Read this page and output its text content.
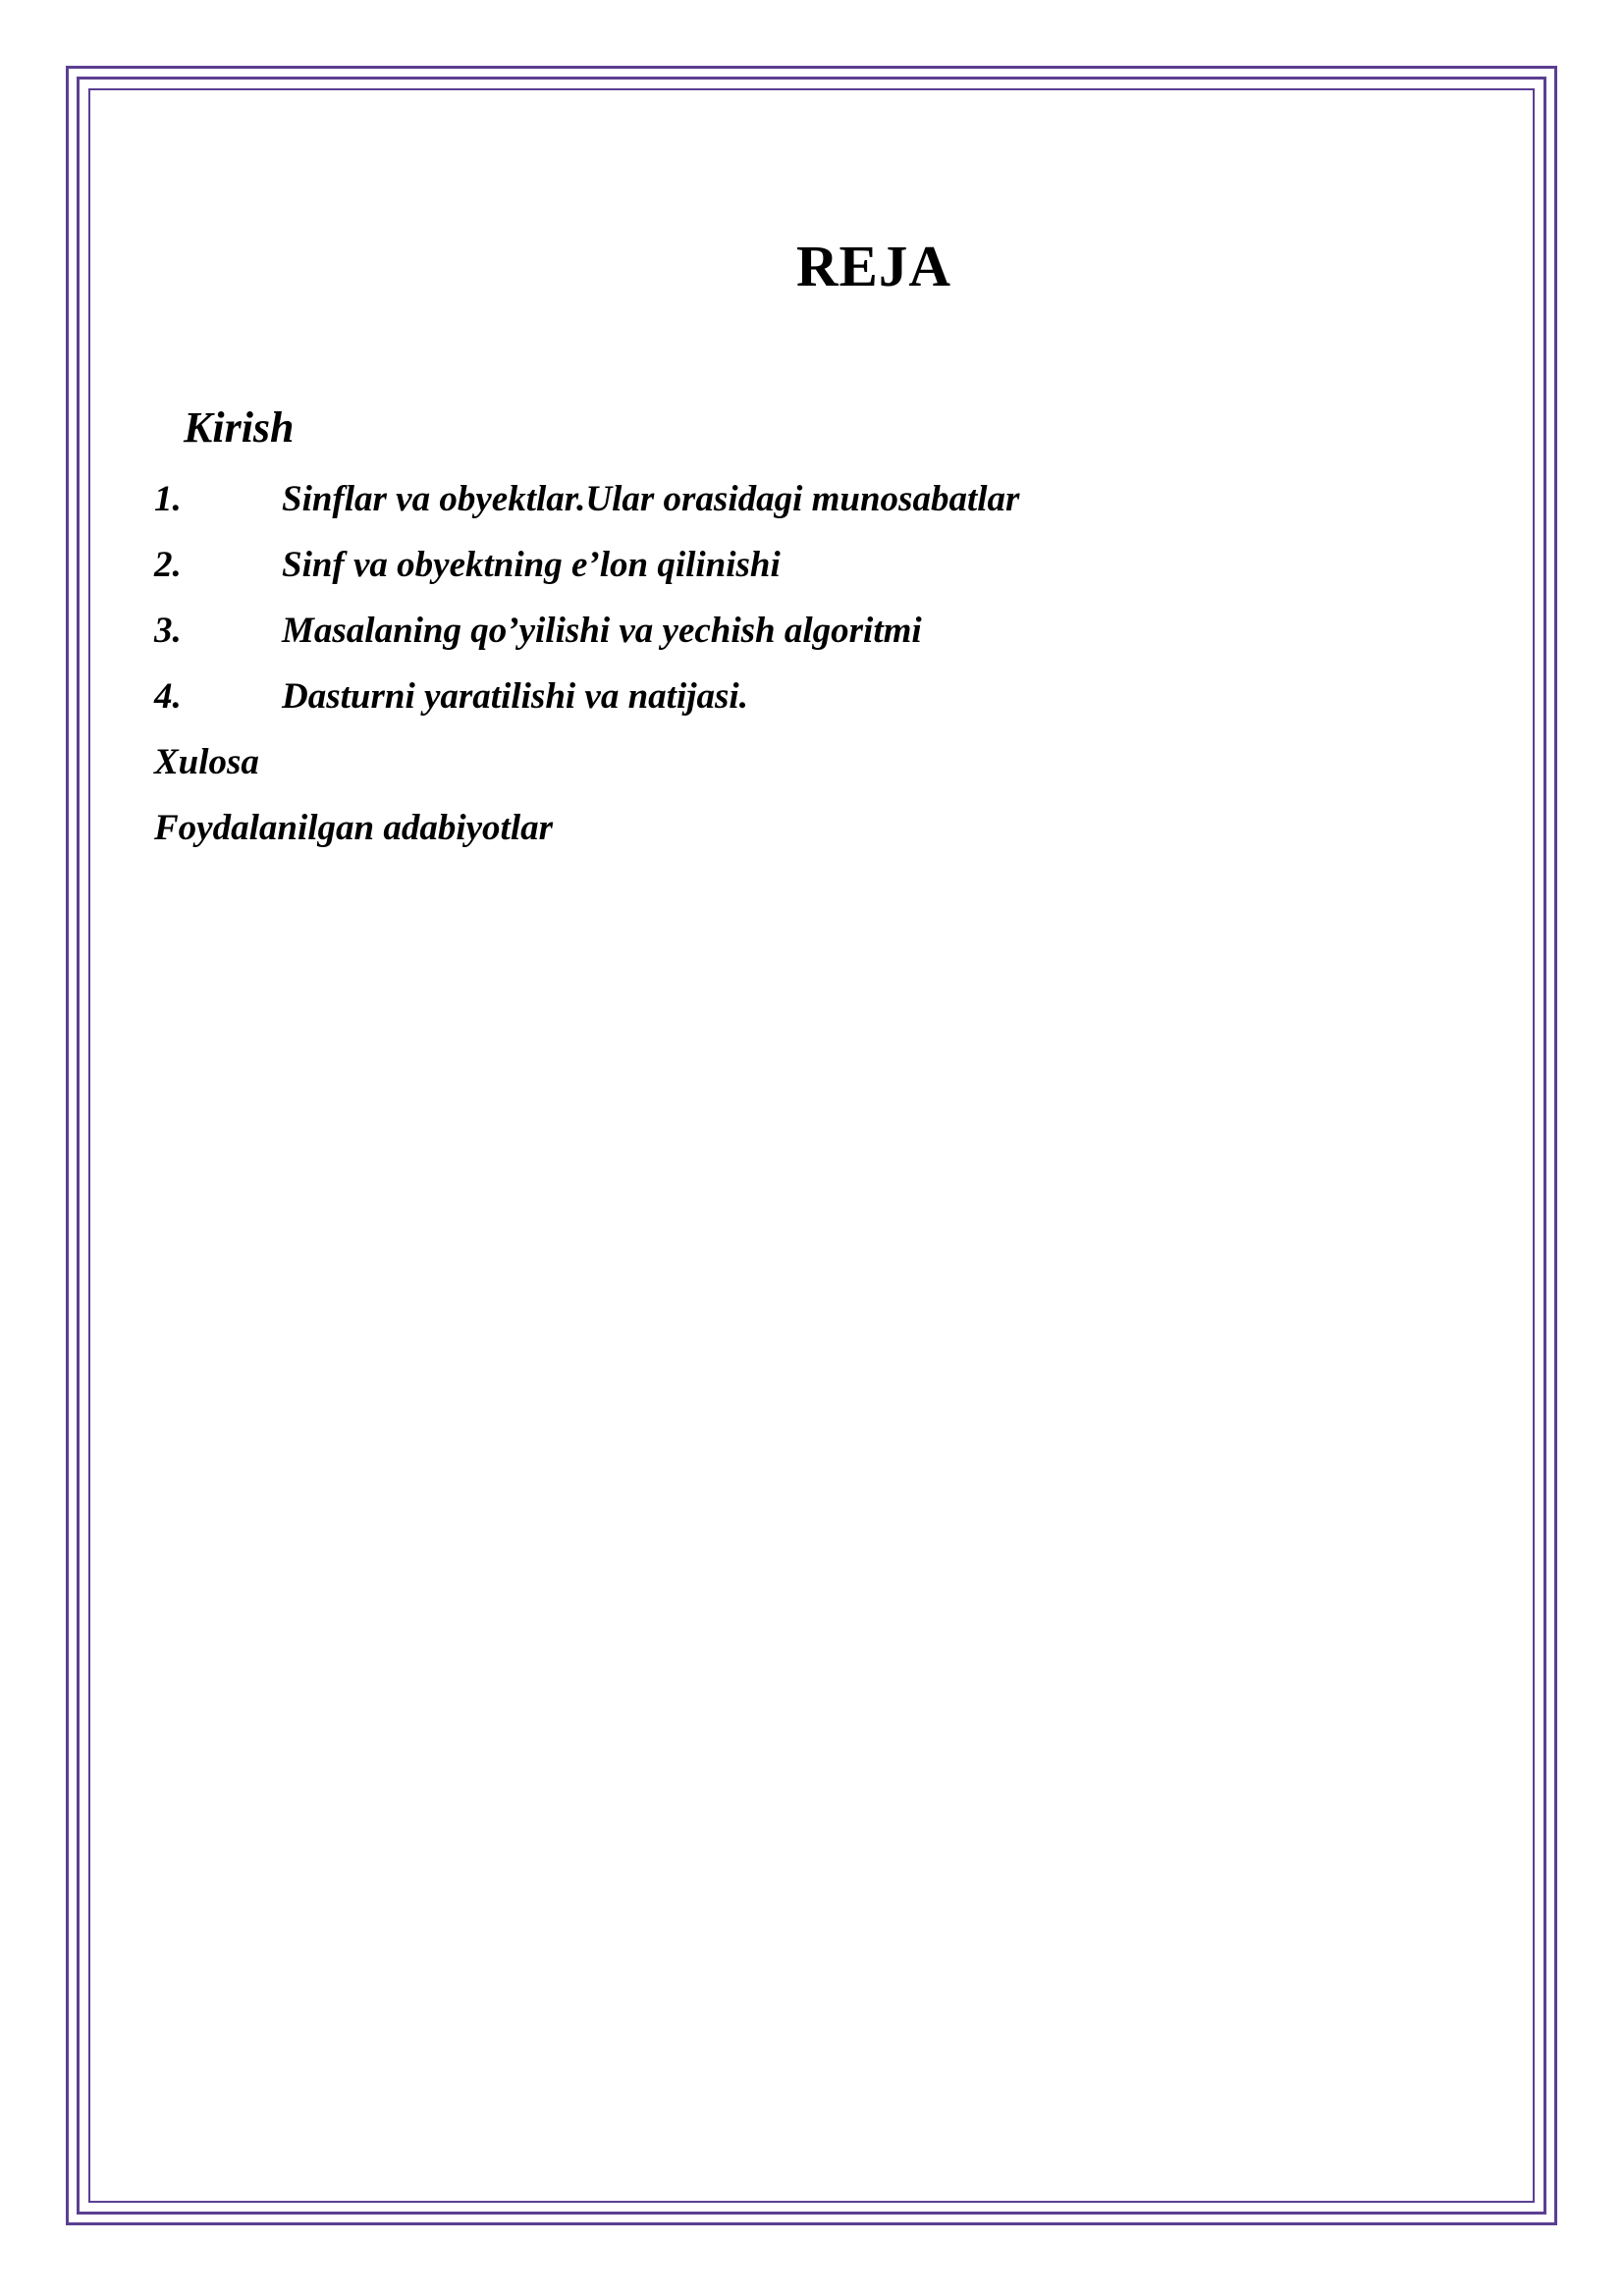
REJA

Kirish

1.	Sinflar va obyektlar.Ular orasidagi munosabatlar
2.	Sinf va obyektning e’lon qilinishi
3.	Masalaning qo’yilishi va yechish algoritmi
4.	Dasturni yaratilishi va natijasi.

Xulosa

Foydalanilgan adabiyotlar
